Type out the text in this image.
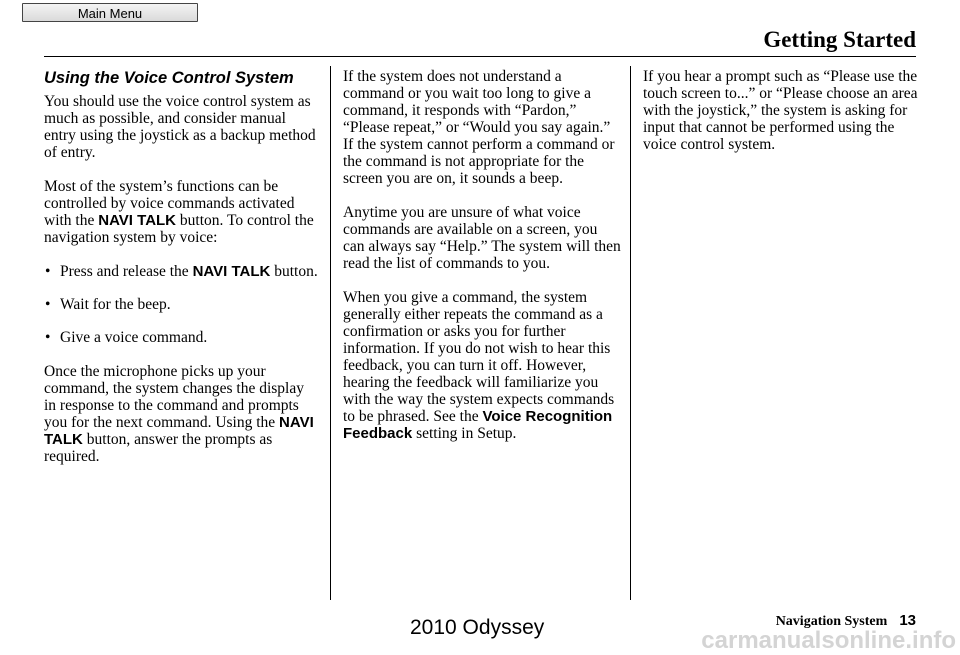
Main Menu
Getting Started
Using the Voice Control System

You should use the voice control system as much as possible, and consider manual entry using the joystick as a backup method of entry.

Most of the system’s functions can be controlled by voice commands activated with the NAVI TALK button. To control the navigation system by voice:

• Press and release the NAVI TALK button.
• Wait for the beep.
• Give a voice command.

Once the microphone picks up your command, the system changes the display in response to the command and prompts you for the next command. Using the NAVI TALK button, answer the prompts as required.

If the system does not understand a command or you wait too long to give a command, it responds with “Pardon,” “Please repeat,” or “Would you say again.” If the system cannot perform a command or the command is not appropriate for the screen you are on, it sounds a beep.

Anytime you are unsure of what voice commands are available on a screen, you can always say “Help.” The system will then read the list of commands to you.

When you give a command, the system generally either repeats the command as a confirmation or asks you for further information. If you do not wish to hear this feedback, you can turn it off. However, hearing the feedback will familiarize you with the way the system expects commands to be phrased. See the Voice Recognition Feedback setting in Setup.

If you hear a prompt such as “Please use the touch screen to...” or “Please choose an area with the joystick,” the system is asking for input that cannot be performed using the voice control system.

Navigation System 13
2010 Odyssey	carmanualsonline.info
